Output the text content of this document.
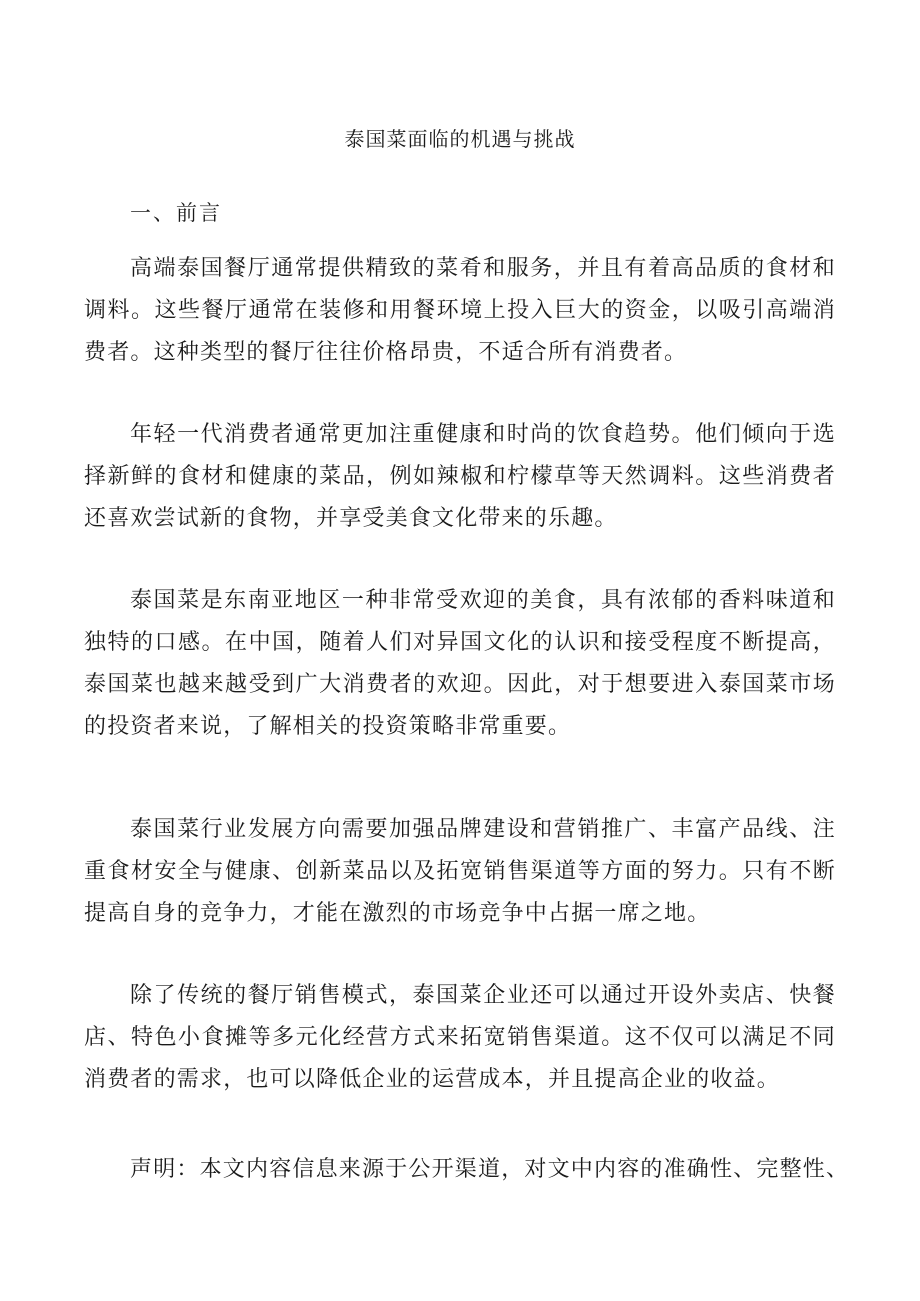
泰国菜面临的机遇与挑战
一、前言

高端泰国餐厅通常提供精致的菜肴和服务，并且有着高品质的食材和调料。这些餐厅通常在装修和用餐环境上投入巨大的资金，以吸引高端消费者。这种类型的餐厅往往价格昂贵，不适合所有消费者。

年轻一代消费者通常更加注重健康和时尚的饮食趋势。他们倾向于选择新鲜的食材和健康的菜品，例如辣椒和柠檬草等天然调料。这些消费者还喜欢尝试新的食物，并享受美食文化带来的乐趣。

泰国菜是东南亚地区一种非常受欢迎的美食，具有浓郁的香料味道和独特的口感。在中国，随着人们对异国文化的认识和接受程度不断提高，泰国菜也越来越受到广大消费者的欢迎。因此，对于想要进入泰国菜市场的投资者来说，了解相关的投资策略非常重要。

泰国菜行业发展方向需要加强品牌建设和营销推广、丰富产品线、注重食材安全与健康、创新菜品以及拓宽销售渠道等方面的努力。只有不断提高自身的竞争力，才能在激烈的市场竞争中占据一席之地。

除了传统的餐厅销售模式，泰国菜企业还可以通过开设外卖店、快餐店、特色小食摊等多元化经营方式来拓宽销售渠道。这不仅可以满足不同消费者的需求，也可以降低企业的运营成本，并且提高企业的收益。

声明：本文内容信息来源于公开渠道，对文中内容的准确性、完整性、
